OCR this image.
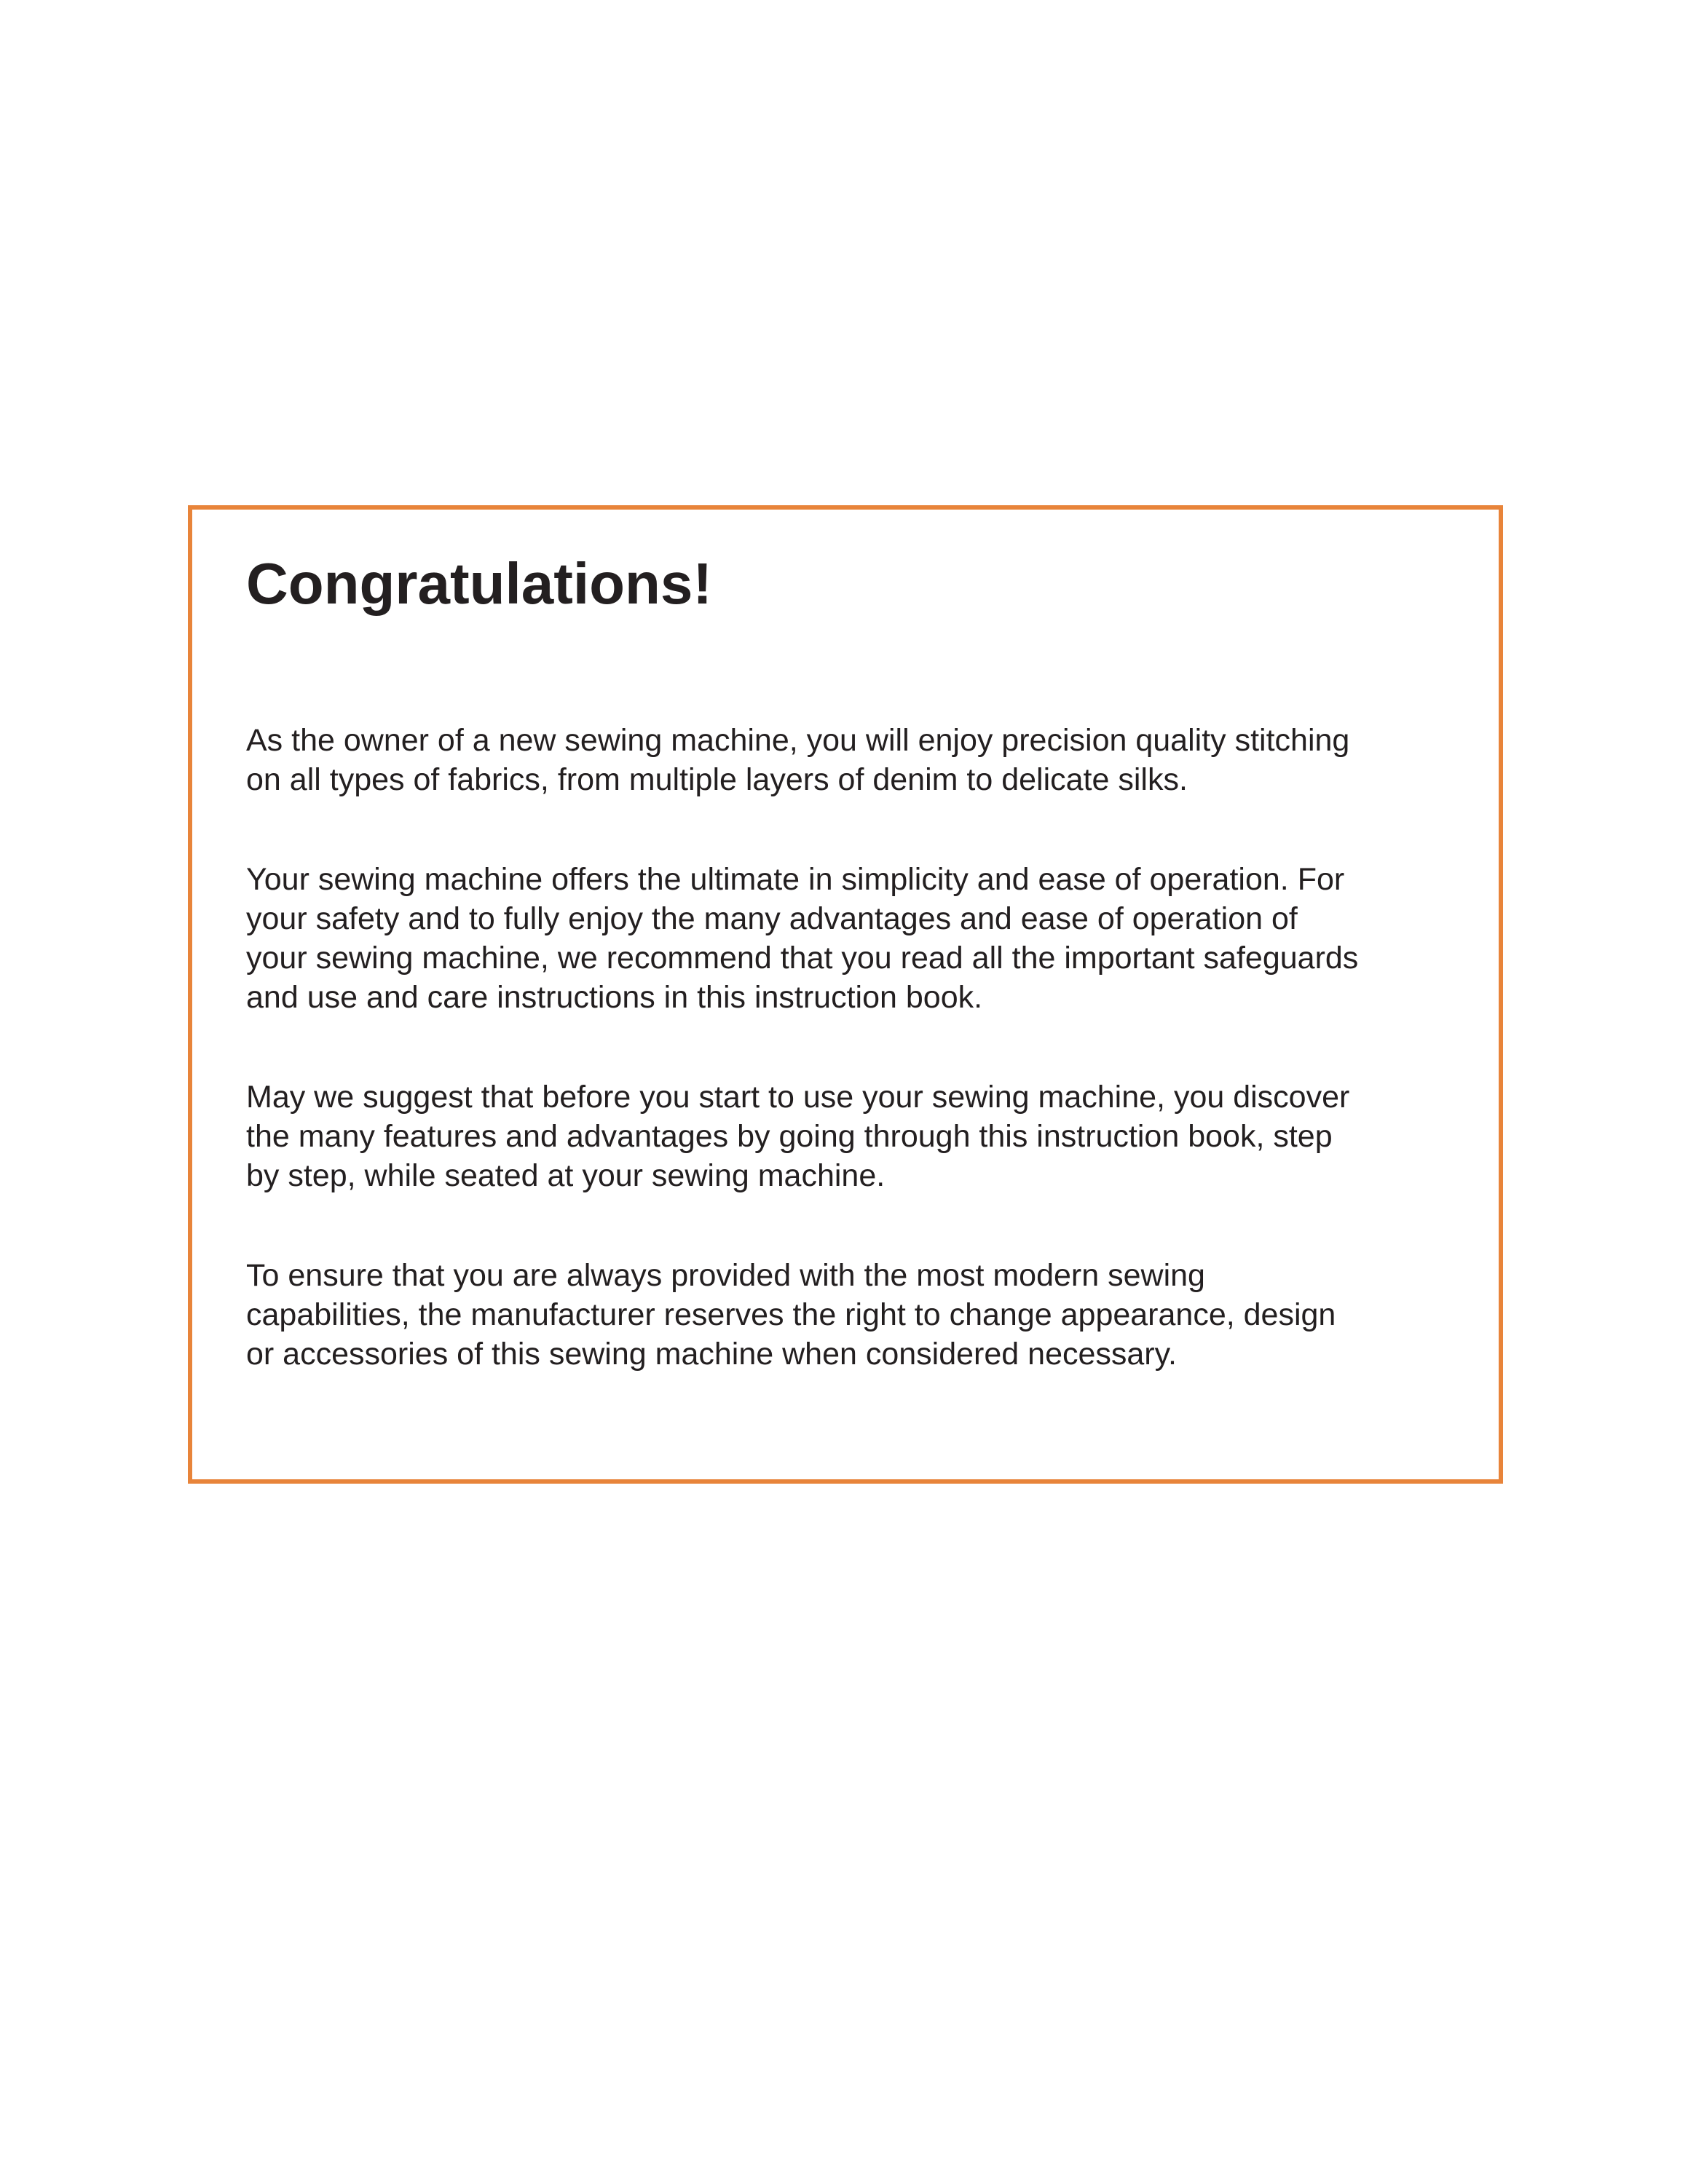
Congratulations!

As the owner of a new sewing machine, you will enjoy precision quality stitching
on all types of fabrics, from multiple layers of denim to delicate silks.

Your sewing machine offers the ultimate in simplicity and ease of operation. For
your safety and to fully enjoy the many advantages and ease of operation of
your sewing machine, we recommend that you read all the important safeguards
and use and care instructions in this instruction book.

May we suggest that before you start to use your sewing machine, you discover
the many features and advantages by going through this instruction book, step
by step, while seated at your sewing machine.

To ensure that you are always provided with the most modern sewing
capabilities, the manufacturer reserves the right to change appearance, design
or accessories of this sewing machine when considered necessary.
